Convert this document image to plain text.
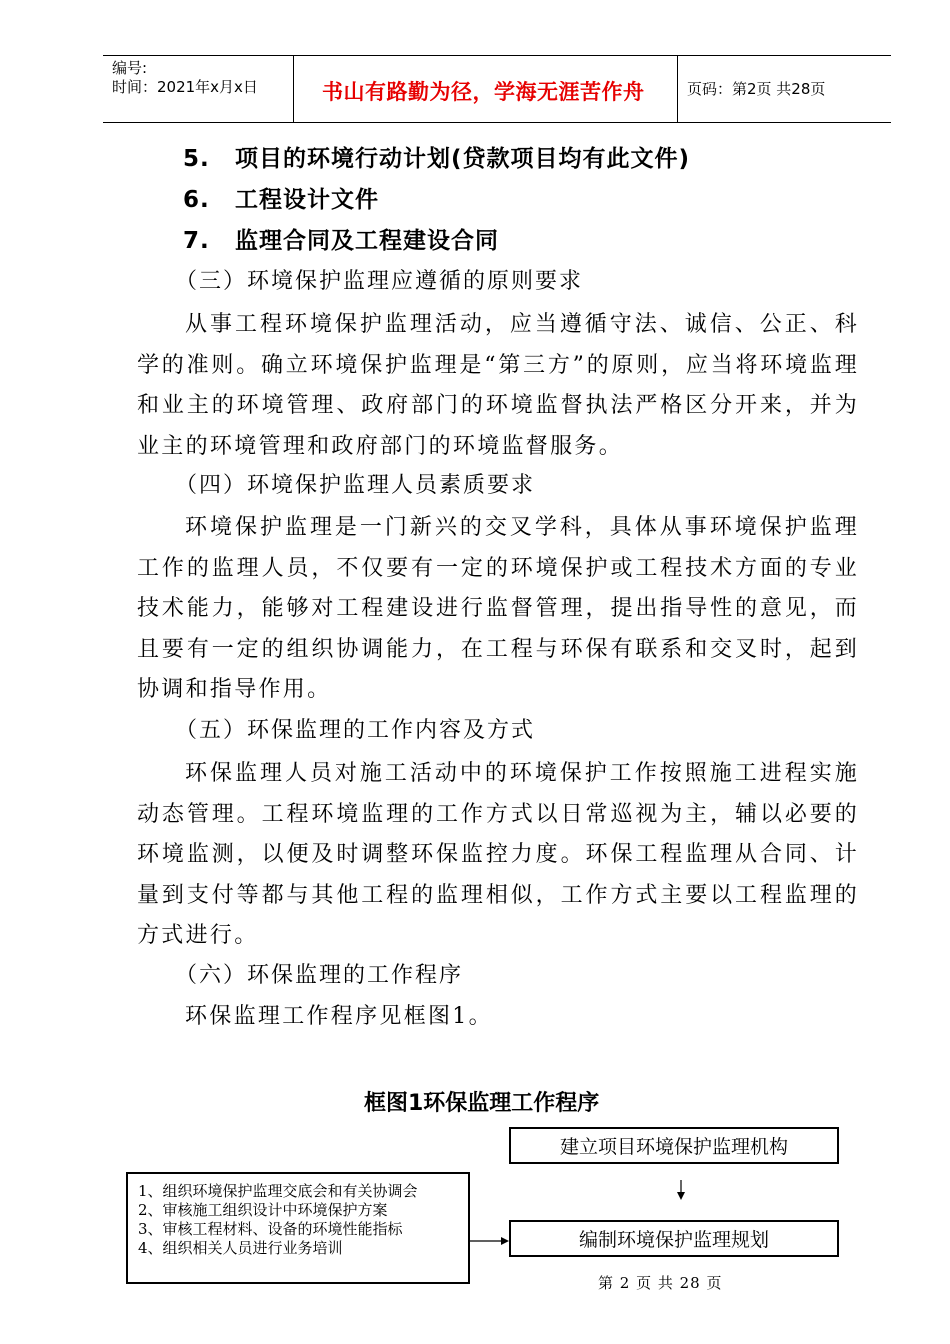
编号:
时间：2021年x月x日	书山有路勤为径，学海无涯苦作舟	页码：第2页 共28页
5. 项目的环境行动计划(贷款项目均有此文件)
6. 工程设计文件
7. 监理合同及工程建设合同
（三）环境保护监理应遵循的原则要求

从事工程环境保护监理活动，应当遵循守法、诚信、公正、科学的准则。确立环境保护监理是“第三方”的原则，应当将环境监理和业主的环境管理、政府部门的环境监督执法严格区分开来，并为业主的环境管理和政府部门的环境监督服务。

（四）环境保护监理人员素质要求

环境保护监理是一门新兴的交叉学科，具体从事环境保护监理工作的监理人员，不仅要有一定的环境保护或工程技术方面的专业技术能力，能够对工程建设进行监督管理，提出指导性的意见，而且要有一定的组织协调能力，在工程与环保有联系和交叉时，起到协调和指导作用。

（五）环保监理的工作内容及方式

环保监理人员对施工活动中的环境保护工作按照施工进程实施动态管理。工程环境监理的工作方式以日常巡视为主，辅以必要的环境监测，以便及时调整环保监控力度。环保工程监理从合同、计量到支付等都与其他工程的监理相似，工作方式主要以工程监理的方式进行。

（六）环保监理的工作程序

环保监理工作程序见框图1。

框图1环保监理工作程序
建立项目环境保护监理机构
编制环境保护监理规划
1、组织环境保护监理交底会和有关协调会
2、审核施工组织设计中环境保护方案
3、审核工程材料、设备的环境性能指标
4、组织相关人员进行业务培训
第 2 页 共 28 页
